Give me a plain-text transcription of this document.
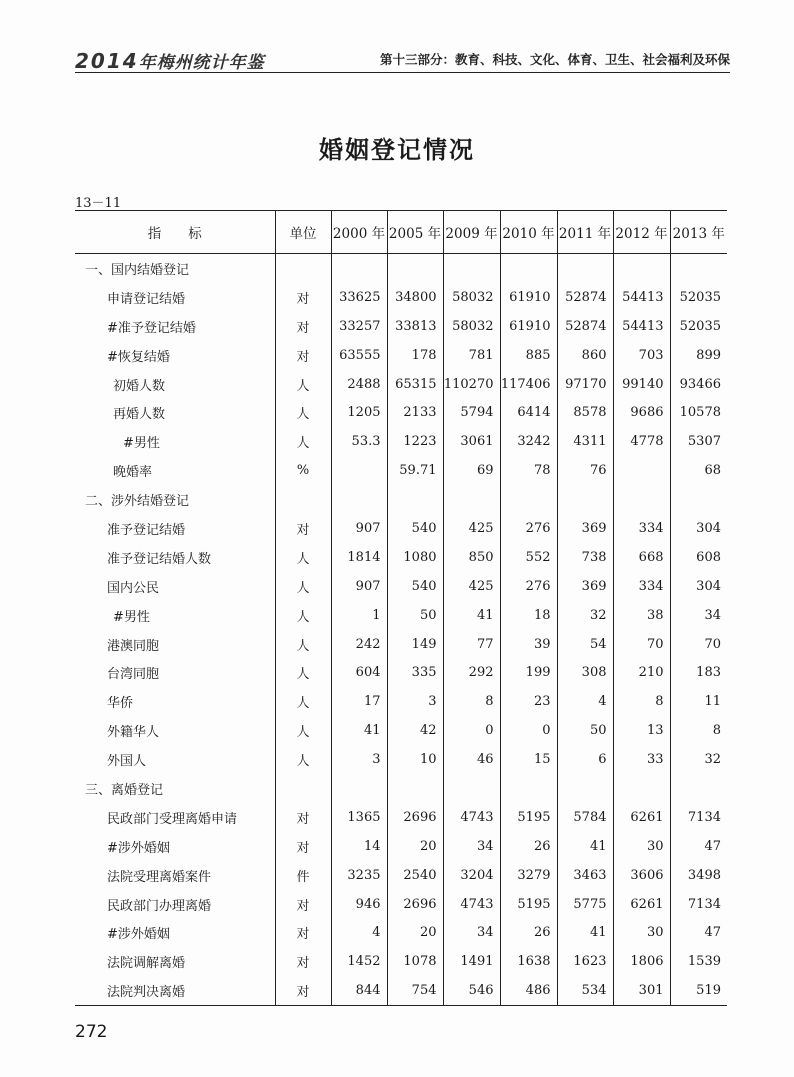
2014年梅州统计年鉴	第十三部分：教育、科技、文化、体育、卫生、社会福利及环保
婚姻登记情况
13－11
指　　标	单位	2000 年	2005 年	2009 年	2010 年	2011 年	2012 年	2013 年
一、国内结婚登记								
申请登记结婚	对	33625	34800	58032	61910	52874	54413	52035
#准予登记结婚	对	33257	33813	58032	61910	52874	54413	52035
#恢复结婚	对	63555	178	781	885	860	703	899
初婚人数	人	2488	65315	110270	117406	97170	99140	93466
再婚人数	人	1205	2133	5794	6414	8578	9686	10578
#男性	人	53.3	1223	3061	3242	4311	4778	5307
晚婚率	%		59.71	69	78	76		68
二、涉外结婚登记								
准予登记结婚	对	907	540	425	276	369	334	304
准予登记结婚人数	人	1814	1080	850	552	738	668	608
国内公民	人	907	540	425	276	369	334	304
#男性	人	1	50	41	18	32	38	34
港澳同胞	人	242	149	77	39	54	70	70
台湾同胞	人	604	335	292	199	308	210	183
华侨	人	17	3	8	23	4	8	11
外籍华人	人	41	42	0	0	50	13	8
外国人	人	3	10	46	15	6	33	32
三、离婚登记								
民政部门受理离婚申请	对	1365	2696	4743	5195	5784	6261	7134
#涉外婚姻	对	14	20	34	26	41	30	47
法院受理离婚案件	件	3235	2540	3204	3279	3463	3606	3498
民政部门办理离婚	对	946	2696	4743	5195	5775	6261	7134
#涉外婚姻	对	4	20	34	26	41	30	47
法院调解离婚	对	1452	1078	1491	1638	1623	1806	1539
法院判决离婚	对	844	754	546	486	534	301	519
272
